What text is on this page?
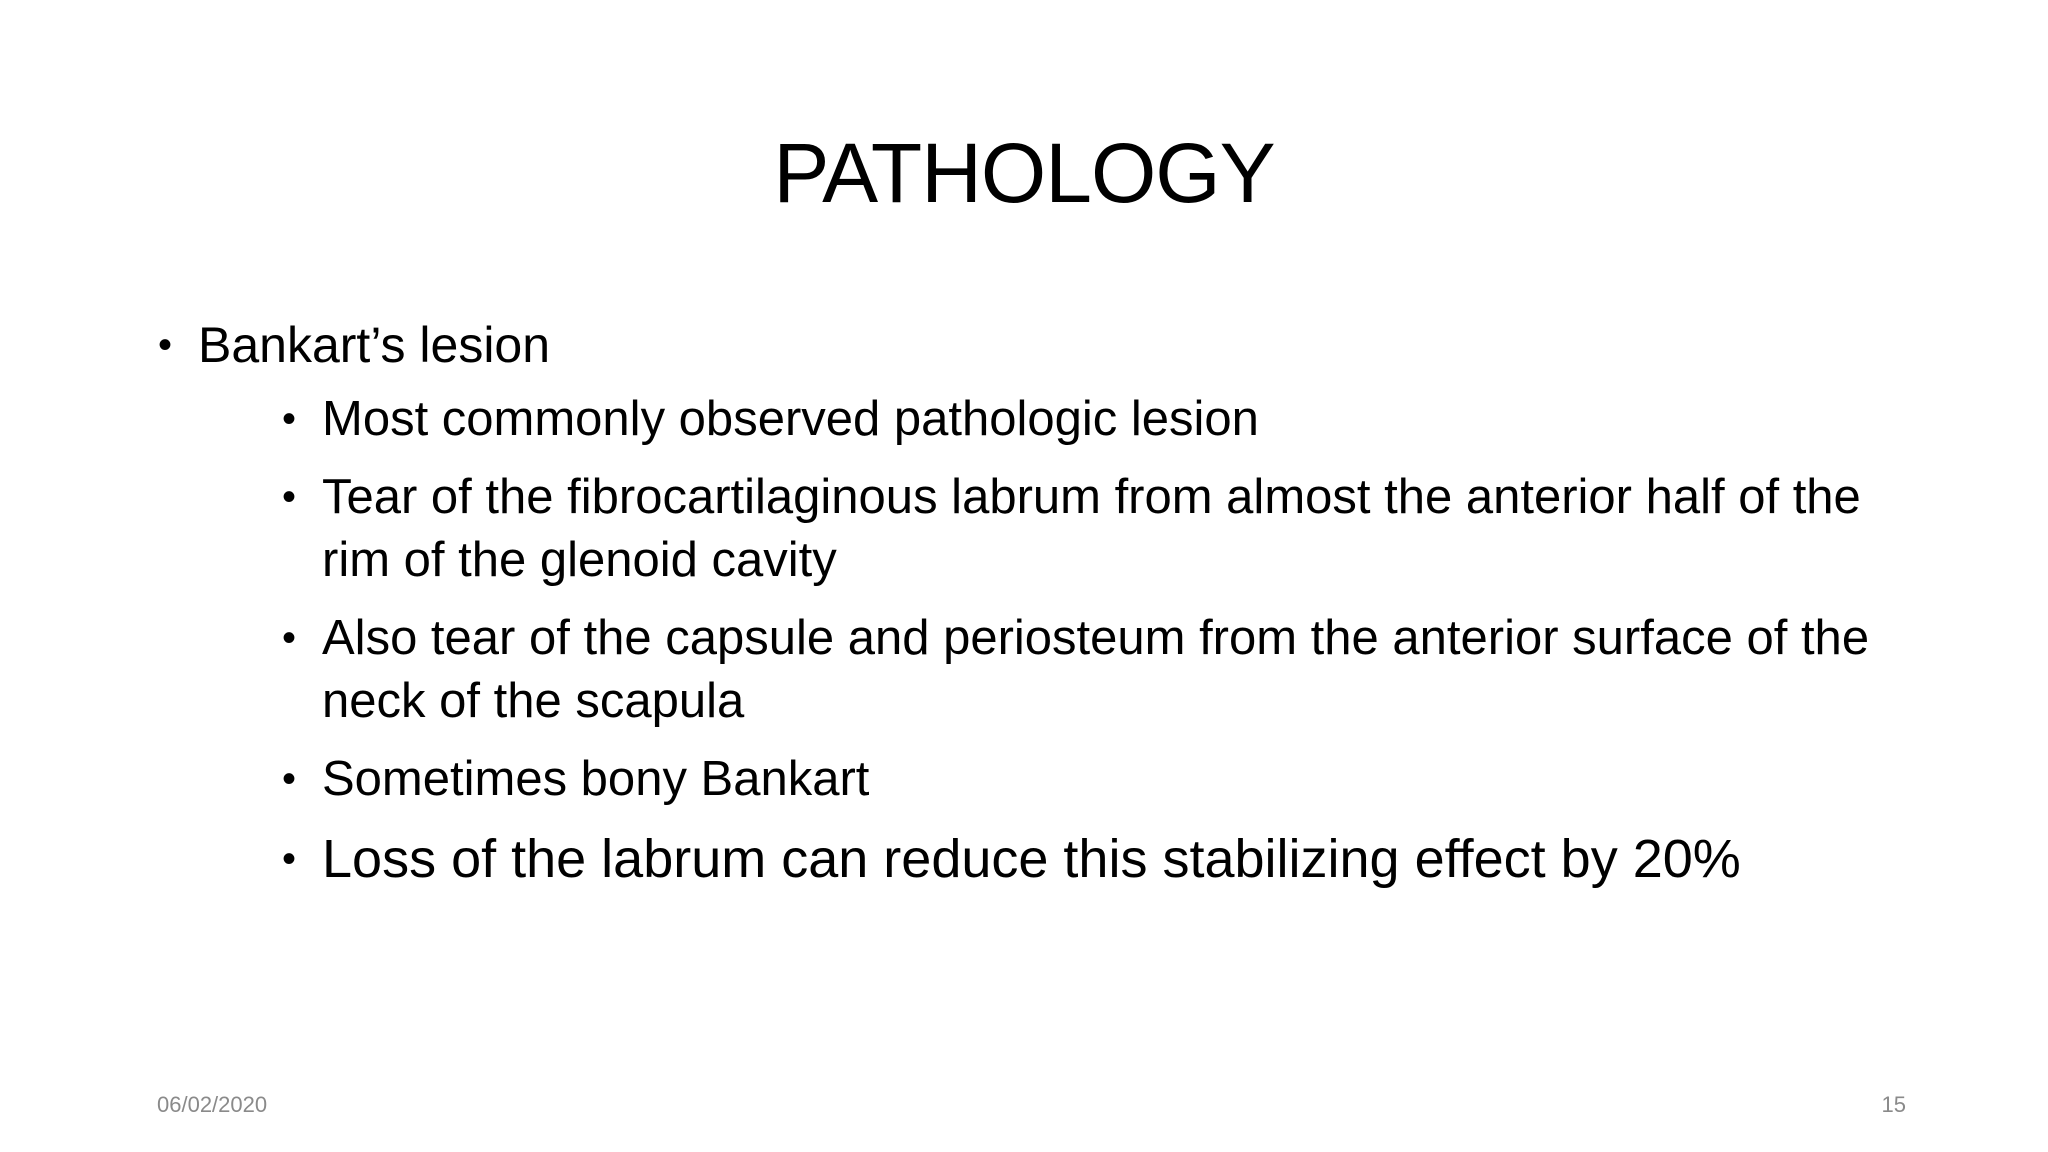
PATHOLOGY
• Bankart’s lesion
• Most commonly observed pathologic lesion
• Tear of the fibrocartilaginous labrum from almost the anterior half of the rim of the glenoid cavity
• Also tear of the capsule and periosteum from the anterior surface of the neck of the scapula
• Sometimes bony Bankart
• Loss of the labrum can reduce this stabilizing effect by 20%
06/02/2020	15
